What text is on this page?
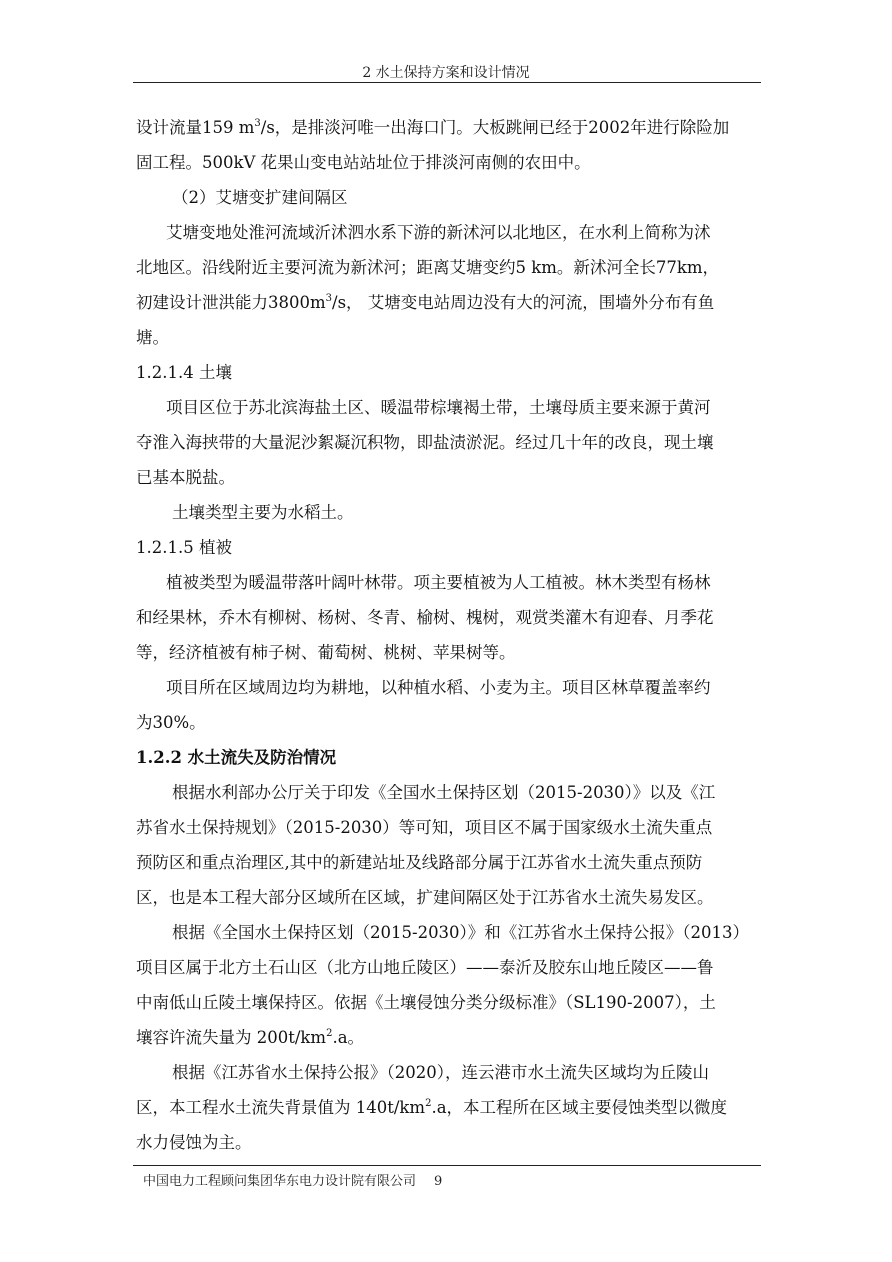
2 水土保持方案和设计情况
设计流量159 $m^3/s$，是排淡河唯一出海口门。大板跳闸已经于2002年进行除险加
固工程。500kV 花果山变电站站址位于排淡河南侧的农田中。
（2）艾塘变扩建间隔区
艾塘变地处淮河流域沂沭泗水系下游的新沭河以北地区，在水利上简称为沭
北地区。沿线附近主要河流为新沭河；距离艾塘变约5 km。新沭河全长77km，
初建设计泄洪能力$3800m^3/s$， 艾塘变电站周边没有大的河流，围墙外分布有鱼
塘。
1.2.1.4 土壤
项目区位于苏北滨海盐土区、暖温带棕壤褐土带，土壤母质主要来源于黄河
夺淮入海挟带的大量泥沙絮凝沉积物，即盐渍淤泥。经过几十年的改良，现土壤
已基本脱盐。
土壤类型主要为水稻土。
1.2.1.5 植被
植被类型为暖温带落叶阔叶林带。项主要植被为人工植被。林木类型有杨林
和经果林，乔木有柳树、杨树、冬青、榆树、槐树，观赏类灌木有迎春、月季花
等，经济植被有柿子树、葡萄树、桃树、苹果树等。
项目所在区域周边均为耕地，以种植水稻、小麦为主。项目区林草覆盖率约
为30%。
1.2.2 水土流失及防治情况
根据水利部办公厅关于印发《全国水土保持区划（2015-2030）》以及《江
苏省水土保持规划》（2015-2030）等可知，项目区不属于国家级水土流失重点
预防区和重点治理区,其中的新建站址及线路部分属于江苏省水土流失重点预防
区，也是本工程大部分区域所在区域，扩建间隔区处于江苏省水土流失易发区。
根据《全国水土保持区划（2015-2030）》和《江苏省水土保持公报》（2013）
项目区属于北方土石山区（北方山地丘陵区）——泰沂及胶东山地丘陵区——鲁
中南低山丘陵土壤保持区。依据《土壤侵蚀分类分级标准》（SL190-2007），土
壤容许流失量为 $200t/km^2.a$。
根据《江苏省水土保持公报》（2020），连云港市水土流失区域均为丘陵山
区，本工程水土流失背景值为 $140t/km^2.a$，本工程所在区域主要侵蚀类型以微度
水力侵蚀为主。
中国电力工程顾问集团华东电力设计院有限公司 9
